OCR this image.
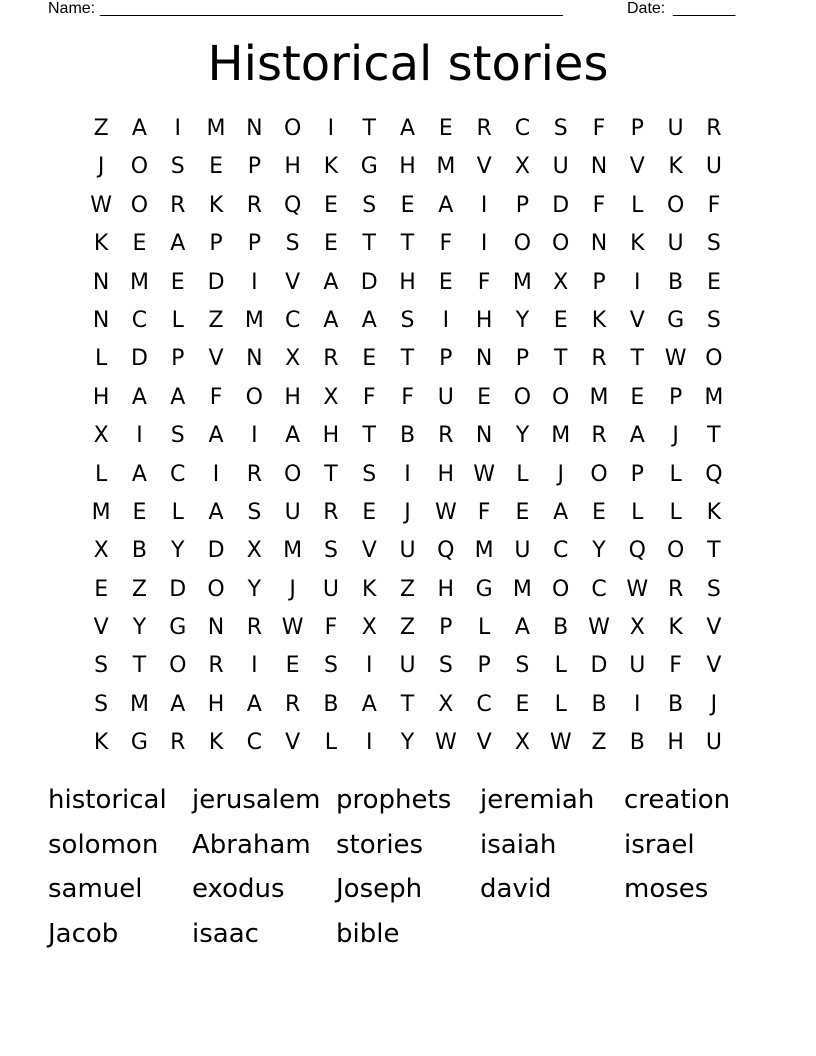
Name: ____________________________________________________	Date: _______
Historical stories
Z	A	I	M N O	I	T	A	E	R	C	S	F	P	U	R
J	O	S	E	P	H	K	G H M V	X	U	N	V	K	U
W O R	K	R Q	E	S	E	A	I	P	D	F	L	O	F
K	E	A	P	P	S	E	T	T	F	I	O O N	K	U	S
N M E	D	I	V	A	D H	E	F	M X	P	I	B	E
N	C	L	Z M C	A	A	S	I	H	Y	E	K	V	G	S
L	D	P	V	N	X	R	E	T	P	N	P	T	R	T W O
H	A	A	F	O H	X	F	F	U	E	O O M E	P	M
X	I	S	A	I	A	H	T	B	R	N	Y	M R	A	J	T
L	A	C	I	R O	T	S	I	H W L	J	O	P	L	Q
M E	L	A	S	U	R	E	J	W F	E	A	E	L	L	K
X	B	Y	D	X M S	V	U Q M U	C	Y	Q O	T
E	Z	D O	Y	J	U	K	Z	H G M O C W R	S
V	Y	G N	R W F	X	Z	P	L	A	B W X	K	V
S	T	O R	I	E	S	I	U	S	P	S	L	D U	F	V
S M A	H	A	R	B	A	T	X	C	E	L	B	I	B	J
K	G	R	K	C	V	L	I	Y W V	X W Z	B	H U
historical jerusalem prophets	jeremiah	creation
solomon	Abraham stories	isaiah	israel
samuel	exodus	Joseph	david	moses
Jacob	isaac	bible
